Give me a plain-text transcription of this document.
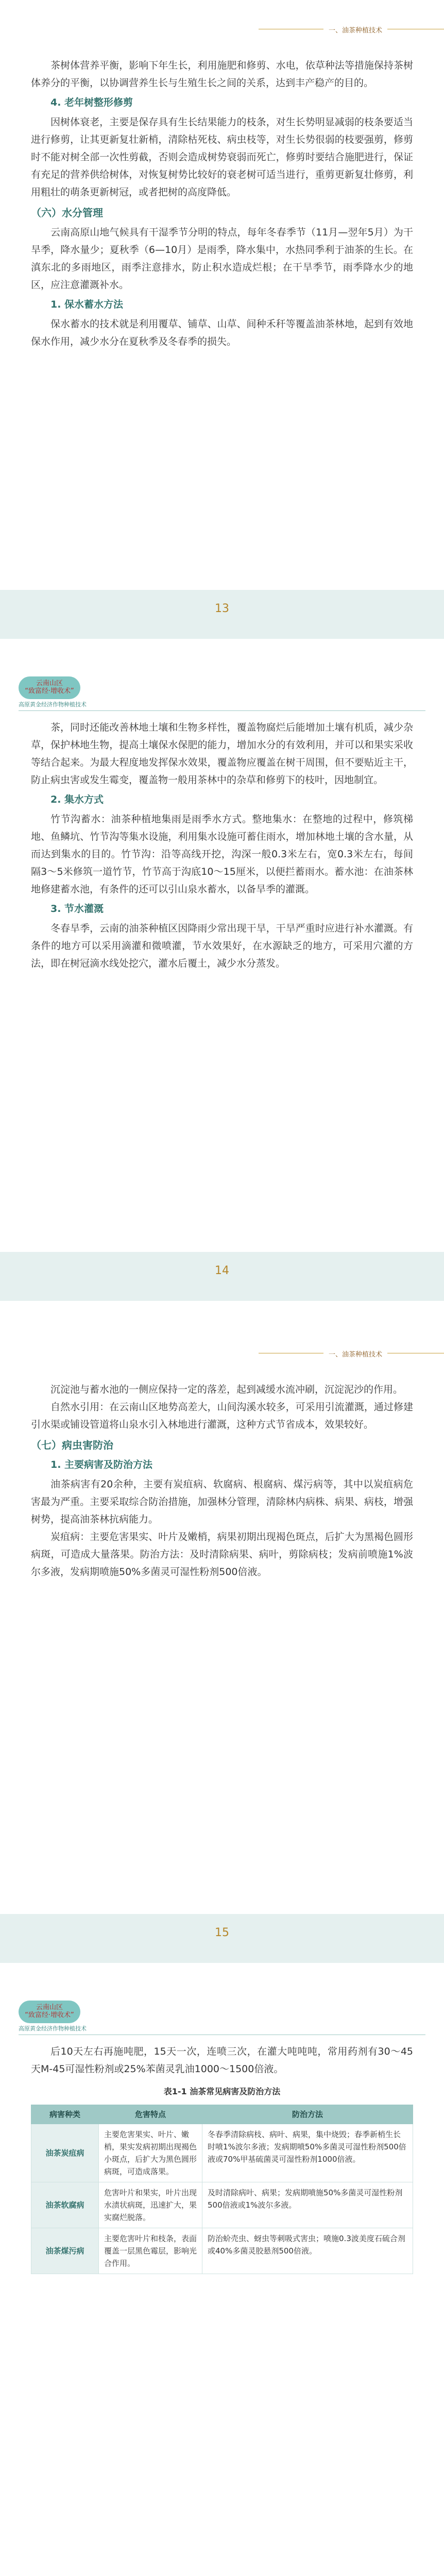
一、油茶种植技术

茶树体营养平衡，影响下年生长，利用施肥和修剪、水电，依草种法等措施保持茶树体养分的平衡，以协调营养生长与生殖生长之间的关系，达到丰产稳产的目的。

4. 老年树整形修剪

因树体衰老，主要是保存具有生长结果能力的枝条，对生长势明显减弱的枝条要适当进行修剪，让其更新复壮新梢，清除枯死枝、病虫枝等，对生长势很弱的枝要强剪，修剪时不能对树全部一次性剪截，否则会造成树势衰弱而死亡，修剪时要结合施肥进行，保证有充足的营养供给树体，对恢复树势比较好的衰老树可适当进行，重剪更新复壮修剪，利用粗壮的萌条更新树冠，或者把树的高度降低。

（六）水分管理

云南高原山地气候具有干湿季节分明的特点，每年冬春季节（11月—翌年5月）为干旱季，降水量少；夏秋季（6—10月）是雨季，降水集中，水热同季利于油茶的生长。在滇东北的多雨地区，雨季注意排水，防止积水造成烂根；在干旱季节，雨季降水少的地区，应注意灌溉补水。

1. 保水蓄水方法

保水蓄水的技术就是利用覆草、铺草、山草、间种禾秆等覆盖油茶林地，起到有效地保水作用，减少水分在夏秋季及冬春季的损失。

13
云南山区
“致富经·增收术”
高原黄金经济作物种植技术

茶，同时还能改善林地土壤和生物多样性，覆盖物腐烂后能增加土壤有机质，减少杂草，保护林地生物，提高土壤保水保肥的能力，增加水分的有效利用，并可以和果实采收等结合起来。为最大程度地发挥保水效果，覆盖物应覆盖在树干周围，但不要贴近主干，防止病虫害或发生霉变，覆盖物一般用茶林中的杂草和修剪下的枝叶，因地制宜。

2. 集水方式

竹节沟蓄水：油茶种植地集雨是雨季水方式。整地集水：在整地的过程中，修筑梯地、鱼鳞坑、竹节沟等集水设施，利用集水设施可蓄住雨水，增加林地土壤的含水量，从而达到集水的目的。竹节沟：沿等高线开挖，沟深一般0.3米左右，宽0.3米左右，每间隔3～5米修筑一道竹节，竹节高于沟底10～15厘米，以便拦蓄雨水。蓄水池：在油茶林地修建蓄水池，有条件的还可以引山泉水蓄水，以备旱季的灌溉。

3. 节水灌溉

冬春旱季，云南的油茶种植区因降雨少常出现干旱，干旱严重时应进行补水灌溉。有条件的地方可以采用滴灌和微喷灌，节水效果好，在水源缺乏的地方，可采用穴灌的方法，即在树冠滴水线处挖穴，灌水后覆土，减少水分蒸发。

14
一、油茶种植技术

沉淀池与蓄水池的一侧应保持一定的落差，起到减缓水流冲刷，沉淀泥沙的作用。

自然水引用：在云南山区地势高差大，山间沟溪水较多，可采用引流灌溉，通过修建引水渠或铺设管道将山泉水引入林地进行灌溉，这种方式节省成本，效果较好。

（七）病虫害防治
1. 主要病害及防治方法

油茶病害有20余种，主要有炭疽病、软腐病、根腐病、煤污病等，其中以炭疽病危害最为严重。主要采取综合防治措施，加强林分管理，清除林内病株、病果、病枝，增强树势，提高油茶林抗病能力。

炭疽病：主要危害果实、叶片及嫩梢，病果初期出现褐色斑点，后扩大为黑褐色圆形病斑，可造成大量落果。防治方法：及时清除病果、病叶，剪除病枝；发病前喷施1%波尔多液，发病期喷施50%多菌灵可湿性粉剂500倍液。

15
云南山区
“致富经·增收术”
高原黄金经济作物种植技术

后10天左右再施吨肥，15天一次，连喷三次，在灌大吨吨吨，常用药剂有30～45天M-45可湿性粉剂或25%苯菌灵乳油1000～1500倍液。

表1-1 油茶常见病害及防治方法
病害种类	危害特点	防治方法
油茶炭疽病	主要危害果实、叶片、嫩梢，果实发病初期出现褐色小斑点，后扩大为黑色圆形病斑，可造成落果。	冬春季清除病枝、病叶、病果，集中烧毁；春季新梢生长时喷1%波尔多液；发病期喷50%多菌灵可湿性粉剂500倍液或70%甲基硫菌灵可湿性粉剂1000倍液。
油茶软腐病	危害叶片和果实，叶片出现水渍状病斑，迅速扩大，果实腐烂脱落。	及时清除病叶、病果；发病期喷施50%多菌灵可湿性粉剂500倍液或1%波尔多液。
油茶煤污病	主要危害叶片和枝条，表面覆盖一层黑色霉层，影响光合作用。	防治蚧壳虫、蚜虫等刺吸式害虫；喷施0.3波美度石硫合剂或40%多菌灵胶悬剂500倍液。
